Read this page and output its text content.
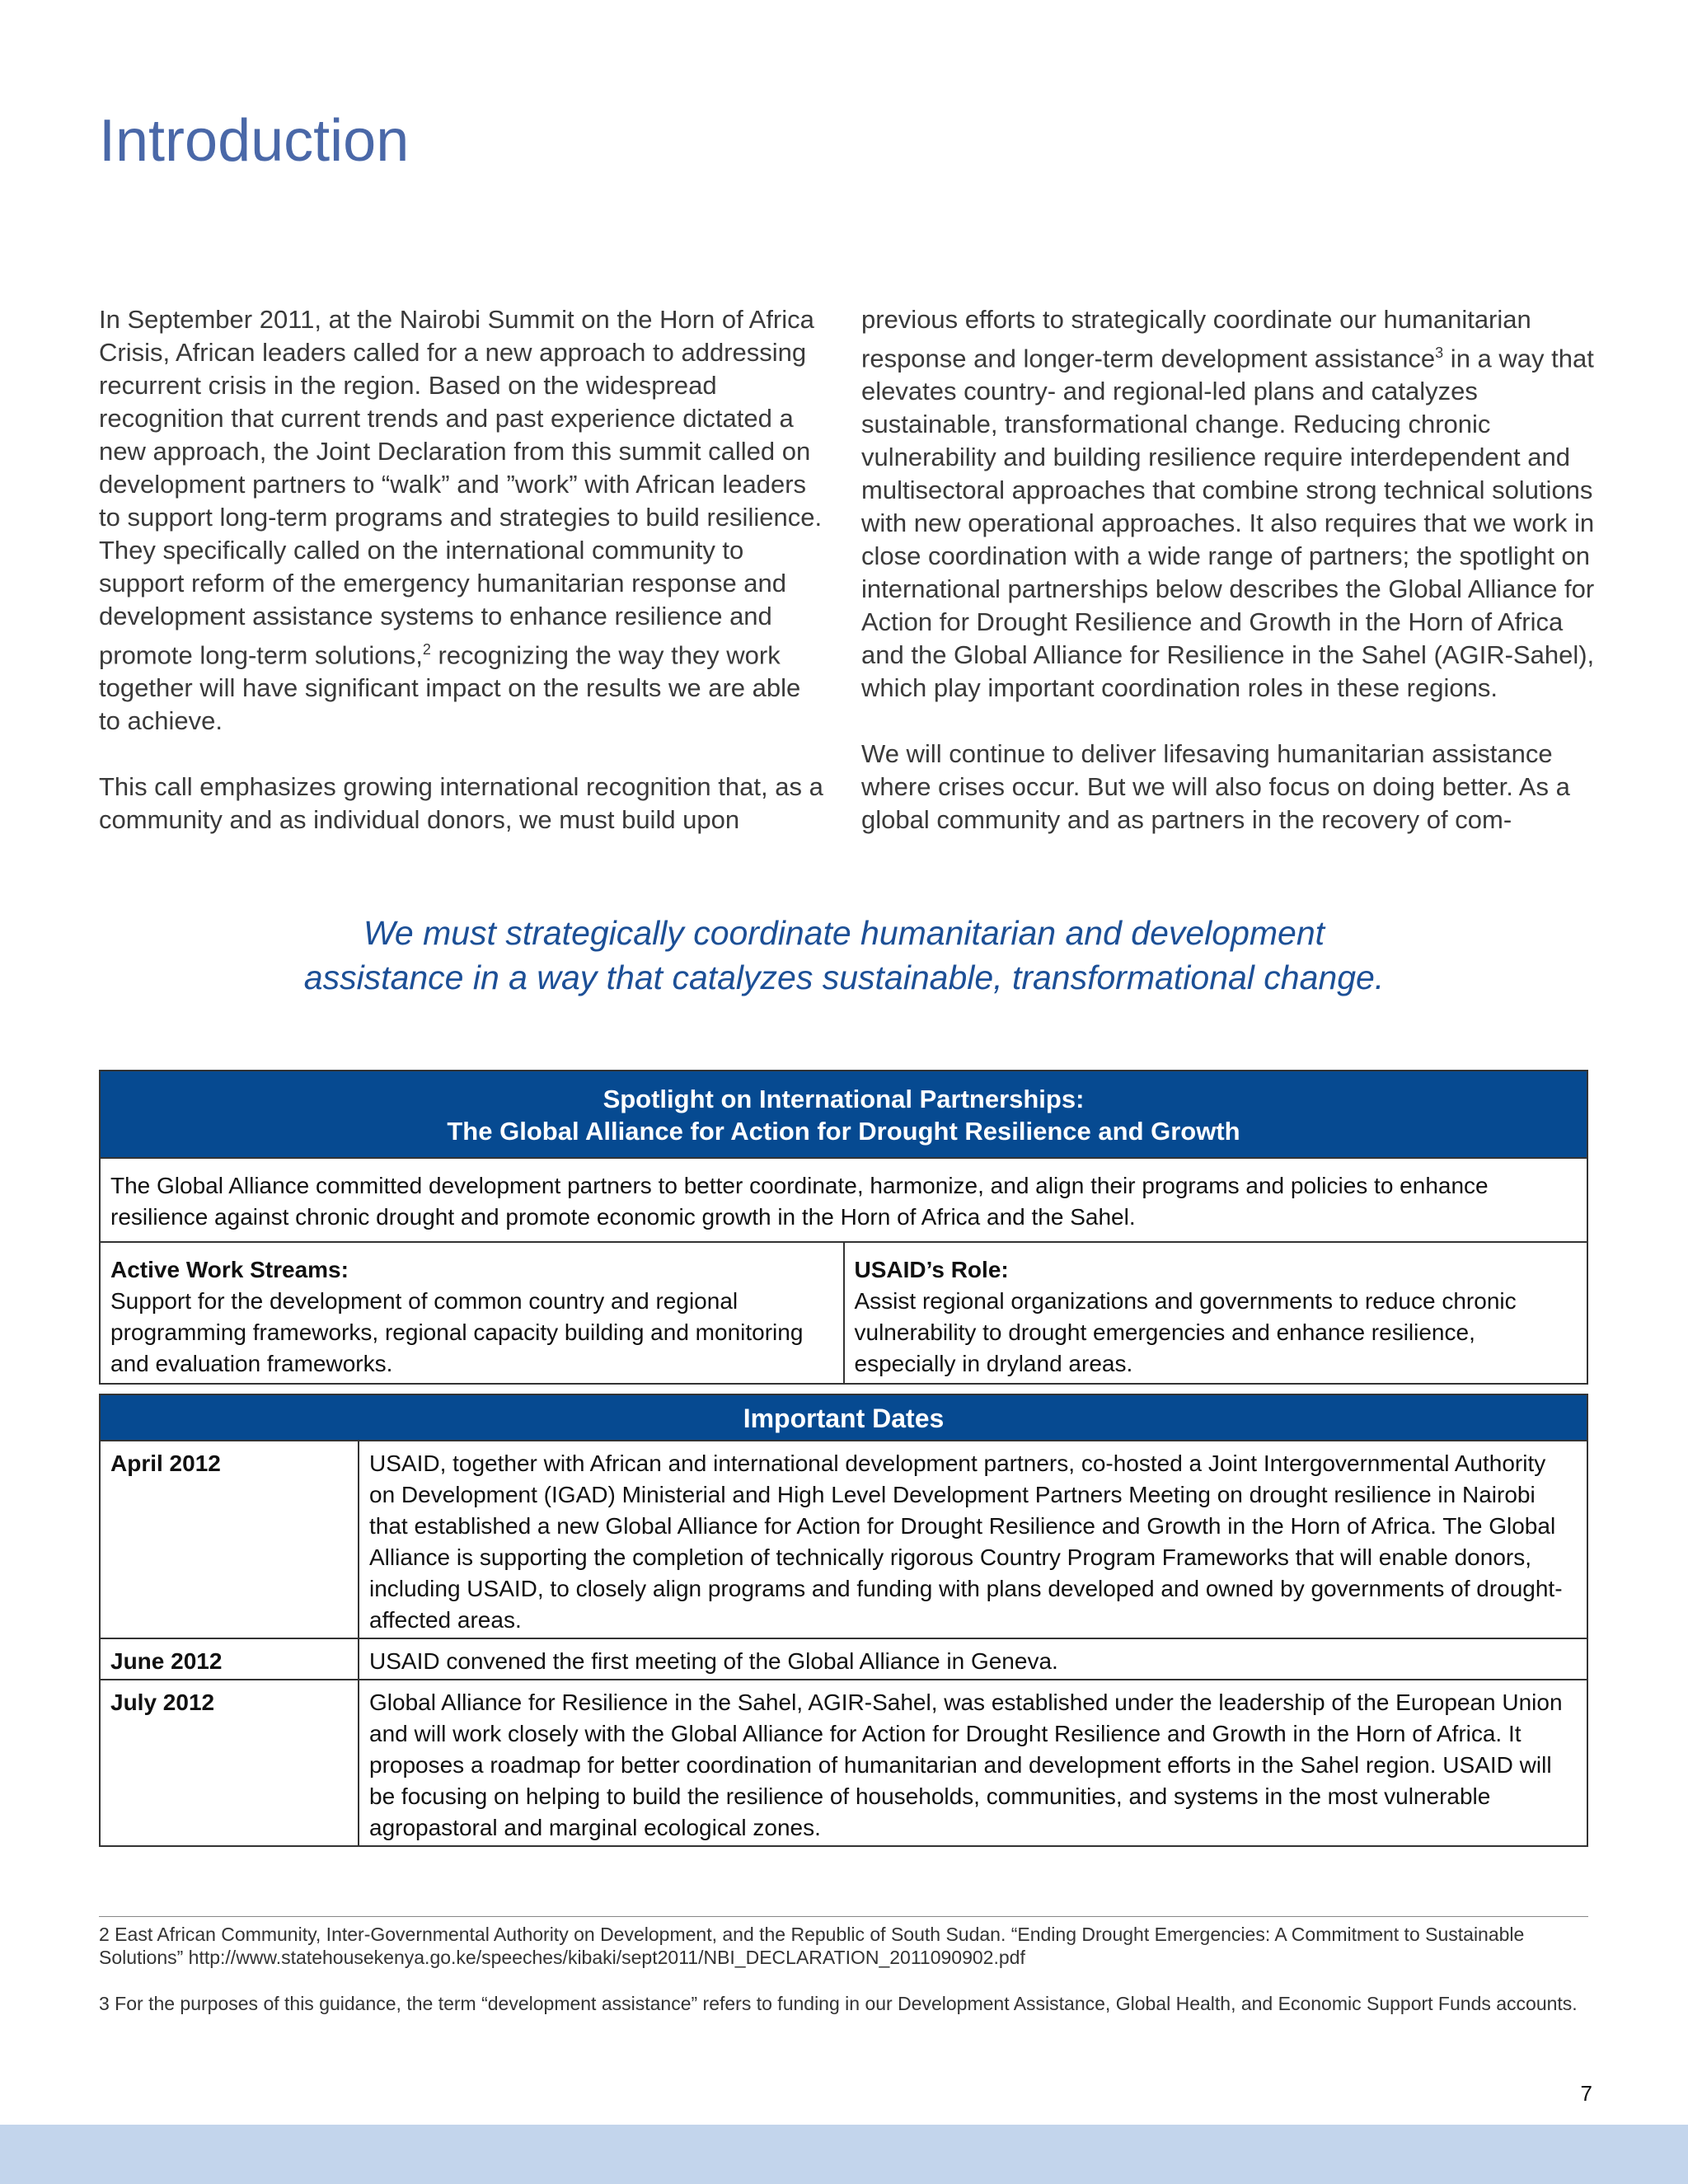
Introduction

In September 2011, at the Nairobi Summit on the Horn of Africa Crisis, African leaders called for a new approach to addressing recurrent crisis in the region. Based on the widespread recognition that current trends and past experience dictated a new approach, the Joint Declaration from this summit called on development partners to “walk” and ”work” with African leaders to support long-term programs and strategies to build resilience. They specifically called on the international community to support reform of the emergency humanitarian response and development assistance systems to enhance resilience and promote long-term solutions,$^2$ recognizing the way they work together will have significant impact on the results we are able to achieve.

This call emphasizes growing international recognition that, as a community and as individual donors, we must build upon

previous efforts to strategically coordinate our humanitarian response and longer-term development assistance$^3$ in a way that elevates country- and regional-led plans and catalyzes sustainable, transformational change. Reducing chronic vulnerability and building resilience require interdependent and multisectoral approaches that combine strong technical solutions with new operational approaches. It also requires that we work in close coordination with a wide range of partners; the spotlight on international partnerships below describes the Global Alliance for Action for Drought Resilience and Growth in the Horn of Africa and the Global Alliance for Resilience in the Sahel (AGIR-Sahel), which play important coordination roles in these regions.

We will continue to deliver lifesaving humanitarian assistance where crises occur. But we will also focus on doing better. As a global community and as partners in the recovery of com-

We must strategically coordinate humanitarian and development
assistance in a way that catalyzes sustainable, transformational change.
Spotlight on International Partnerships:
The Global Alliance for Action for Drought Resilience and Growth

The Global Alliance committed development partners to better coordinate, harmonize, and align their programs and policies to enhance resilience against chronic drought and promote economic growth in the Horn of Africa and the Sahel.

Active Work Streams:
Support for the development of common country and regional programming frameworks, regional capacity building and monitoring and evaluation frameworks.	
USAID’s Role:
Assist regional organizations and governments to reduce chronic vulnerability to drought emergencies and enhance resilience, especially in dryland areas.
Important Dates	
April 2012	USAID, together with African and international development partners, co-hosted a Joint Intergovernmental Authority on Development (IGAD) Ministerial and High Level Development Partners Meeting on drought resilience in Nairobi that established a new Global Alliance for Action for Drought Resilience and Growth in the Horn of Africa. The Global Alliance is supporting the completion of technically rigorous Country Program Frameworks that will enable donors, including USAID, to closely align programs and funding with plans developed and owned by governments of drought-affected areas.
June 2012	USAID convened the first meeting of the Global Alliance in Geneva.
July 2012	Global Alliance for Resilience in the Sahel, AGIR-Sahel, was established under the leadership of the European Union and will work closely with the Global Alliance for Action for Drought Resilience and Growth in the Horn of Africa. It proposes a roadmap for better coordination of humanitarian and development efforts in the Sahel region. USAID will be focusing on helping to build the resilience of households, communities, and systems in the most vulnerable agropastoral and marginal ecological zones.

2 East African Community, Inter-Governmental Authority on Development, and the Republic of South Sudan. “Ending Drought Emergencies: A Commitment to Sustainable Solutions” http://www.statehousekenya.go.ke/speeches/kibaki/sept2011/NBI_DECLARATION_2011090902.pdf

3 For the purposes of this guidance, the term “development assistance” refers to funding in our Development Assistance, Global Health, and Economic Support Funds accounts.

7
